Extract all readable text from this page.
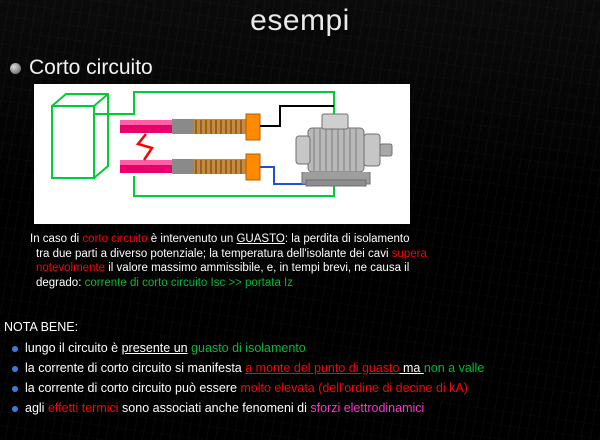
esempi
Corto circuito
In caso di corto circuito è intervenuto un GUASTO: la perdita di isolamento
tra due parti a diverso potenziale; la temperatura dell'isolante dei cavi supera
notevolmente il valore massimo ammissibile, e, in tempi brevi, ne causa il
degrado: corrente di corto circuito Isc >> portata Iz
NOTA BENE:
lungo il circuito è presente un guasto di isolamento
la corrente di corto circuito si manifesta a monte del punto di guasto ma non a valle
la corrente di corto circuito può essere molto elevata (dell'ordine di decine di kA)
agli effetti termici sono associati anche fenomeni di sforzi elettrodinamici
